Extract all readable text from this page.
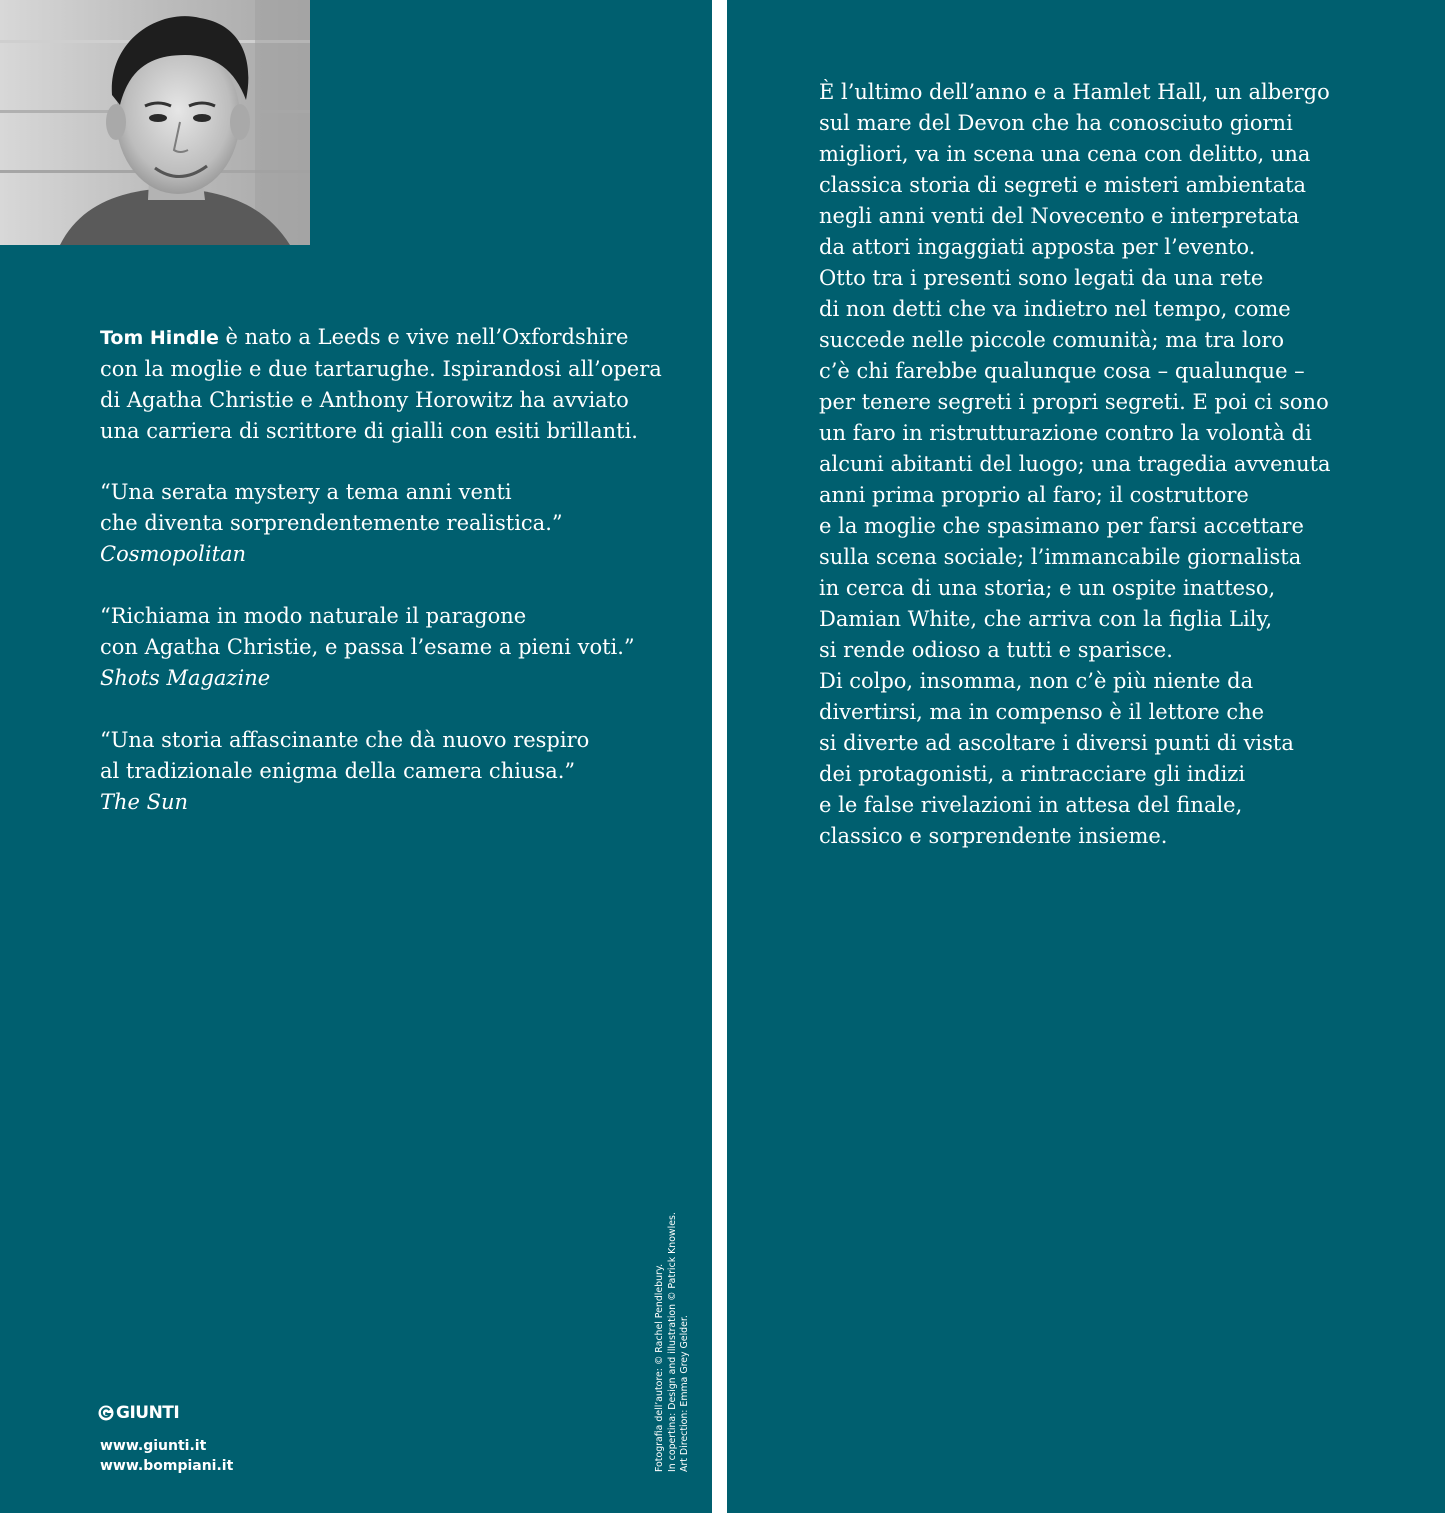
Tom Hindle è nato a Leeds e vive nell’Oxfordshire
con la moglie e due tartarughe. Ispirandosi all’opera
di Agatha Christie e Anthony Horowitz ha avviato
una carriera di scrittore di gialli con esiti brillanti.
“Una serata mystery a tema anni venti
che diventa sorprendentemente realistica.”
Cosmopolitan
“Richiama in modo naturale il paragone
con Agatha Christie, e passa l’esame a pieni voti.”
Shots Magazine
“Una storia affascinante che dà nuovo respiro
al tradizionale enigma della camera chiusa.”
The Sun
Fotografia dell’autore: © Rachel Pendlebury. In copertina: Design and illustration © Patrick Knowles. Art Direction: Emma Grey Gelder.
GIUNTI
www.giunti.it
www.bompiani.it
È l’ultimo dell’anno e a Hamlet Hall, un albergo
sul mare del Devon che ha conosciuto giorni
migliori, va in scena una cena con delitto, una
classica storia di segreti e misteri ambientata
negli anni venti del Novecento e interpretata
da attori ingaggiati apposta per l’evento.
Otto tra i presenti sono legati da una rete
di non detti che va indietro nel tempo, come
succede nelle piccole comunità; ma tra loro
c’è chi farebbe qualunque cosa – qualunque –
per tenere segreti i propri segreti. E poi ci sono
un faro in ristrutturazione contro la volontà di
alcuni abitanti del luogo; una tragedia avvenuta
anni prima proprio al faro; il costruttore
e la moglie che spasimano per farsi accettare
sulla scena sociale; l’immancabile giornalista
in cerca di una storia; e un ospite inatteso,
Damian White, che arriva con la figlia Lily,
si rende odioso a tutti e sparisce.
Di colpo, insomma, non c’è più niente da
divertirsi, ma in compenso è il lettore che
si diverte ad ascoltare i diversi punti di vista
dei protagonisti, a rintracciare gli indizi
e le false rivelazioni in attesa del finale,
classico e sorprendente insieme.
